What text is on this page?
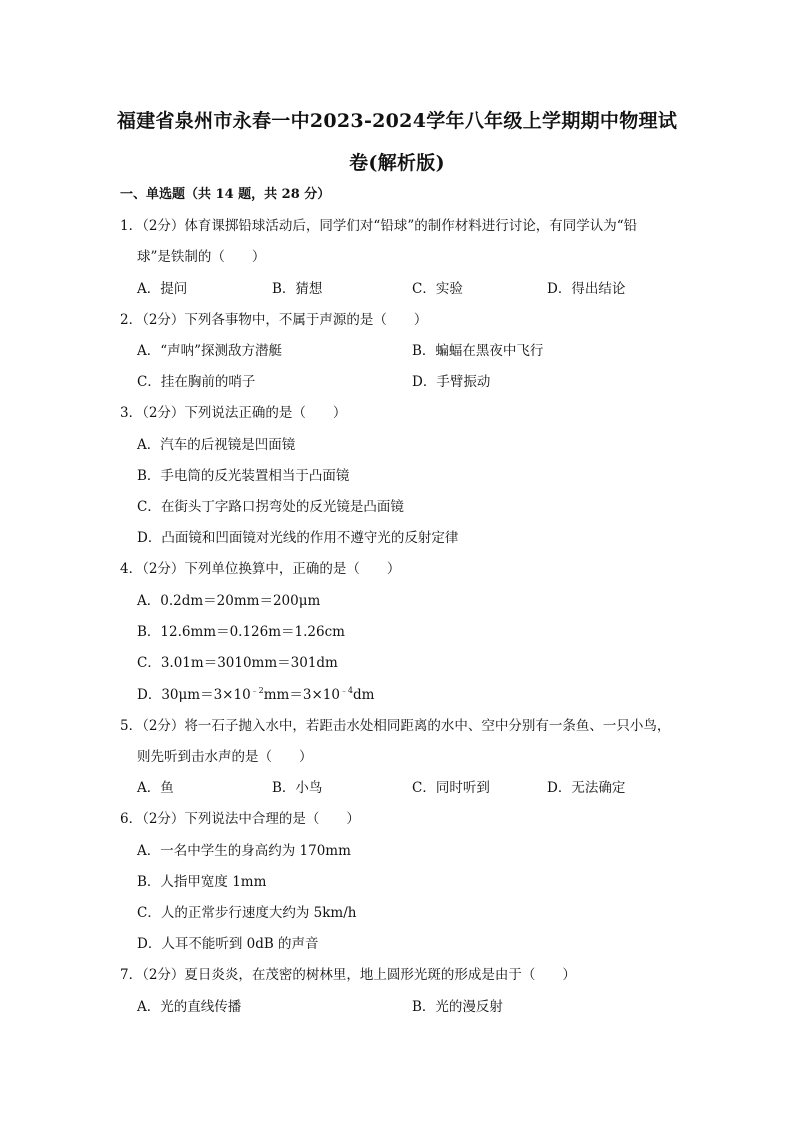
福建省泉州市永春一中2023-2024学年八年级上学期期中物理试
卷(解析版)
一、单选题（共 14 题，共 28 分）
1．（2分）体育课掷铅球活动后，同学们对“铅球”的制作材料进行讨论，有同学认为“铅
球”是铁制的（　　）
A．提问	B．猜想	C．实验	D．得出结论
2．（2分）下列各事物中，不属于声源的是（　　）
A．“声呐”探测敌方潜艇	B．蝙蝠在黑夜中飞行
C．挂在胸前的哨子	D．手臂振动
3．（2分）下列说法正确的是（　　）
A．汽车的后视镜是凹面镜
B．手电筒的反光装置相当于凸面镜
C．在街头丁字路口拐弯处的反光镜是凸面镜
D．凸面镜和凹面镜对光线的作用不遵守光的反射定律
4．（2分）下列单位换算中，正确的是（　　）
A．0.2dm＝20mm＝200μm
B．12.6mm＝0.126m＝1.26cm
C．3.01m＝3010mm＝301dm
D．$30\mu m=3\times 10^{﹣2}mm=3\times 10^{﹣4}dm$
5．（2分）将一石子抛入水中，若距击水处相同距离的水中、空中分别有一条鱼、一只小鸟，
则先听到击水声的是（　　）
A．鱼	B．小鸟	C．同时听到	D．无法确定
6．（2分）下列说法中合理的是（　　）
A．一名中学生的身高约为 170mm
B．人指甲宽度 1mm
C．人的正常步行速度大约为 5km/h
D．人耳不能听到 0dB 的声音
7．（2分）夏日炎炎，在茂密的树林里，地上圆形光斑的形成是由于（　　）
A．光的直线传播	B．光的漫反射
